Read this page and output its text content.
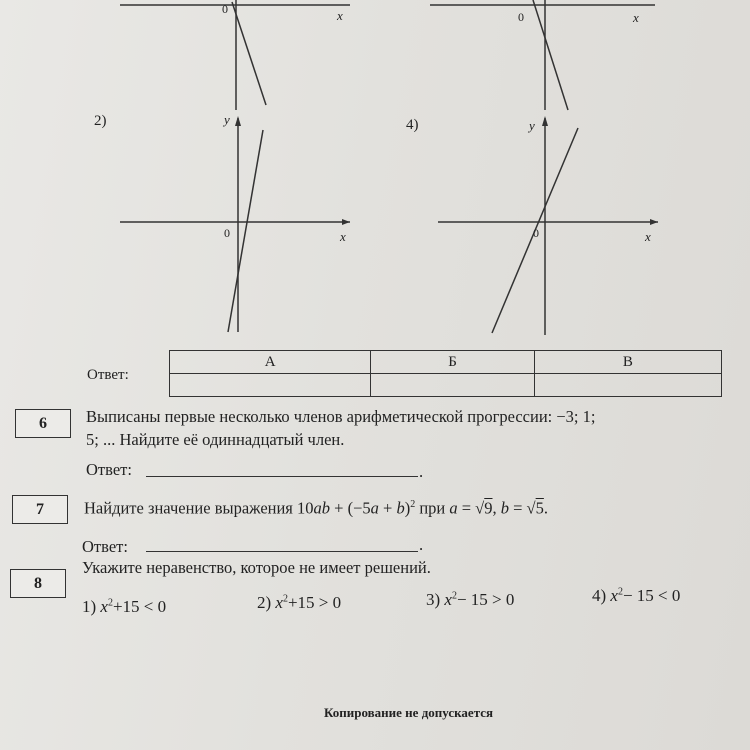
0	x	0	x
2)	y
0	x
4)	y
0	x
Ответ:
А	Б	В

6	Выписаны первые несколько членов арифметической прогрессии: −3; 1;
5; ... Найдите её одиннадцатый член.
Ответ:	.
7	Найдите значение выражения $10ab + (-5a + b)^2$ при a = √9, b = √5.
Ответ:	.
8
Укажите неравенство, которое не имеет решений.
1) $x^2+15 < 0$	2) $x^2+15 > 0$	3) $x^2- 15 > 0$	4) $x^2- 15 < 0$
Копирование не допускается
